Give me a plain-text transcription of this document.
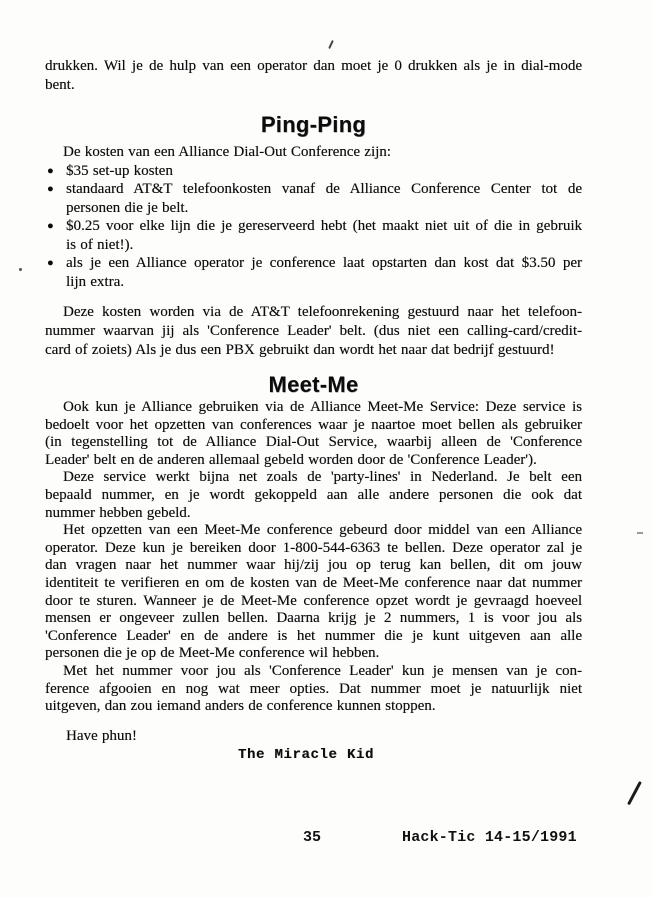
drukken. Wil je de hulp van een operator dan moet je 0 drukken als je in dial-mode
bent.
Ping-Ping
De kosten van een Alliance Dial-Out Conference zijn:
● $35 set-up kosten
● standaard AT&T telefoonkosten vanaf de Alliance Conference Center tot de
personen die je belt.
● $0.25 voor elke lijn die je gereserveerd hebt (het maakt niet uit of die in gebruik
is of niet!).
● als je een Alliance operator je conference laat opstarten dan kost dat $3.50 per
lijn extra.
Deze kosten worden via de AT&T telefoonrekening gestuurd naar het telefoon-
nummer waarvan jij als 'Conference Leader' belt. (dus niet een calling-card/credit-
card of zoiets) Als je dus een PBX gebruikt dan wordt het naar dat bedrijf gestuurd!
Meet-Me
Ook kun je Alliance gebruiken via de Alliance Meet-Me Service: Deze service is
bedoelt voor het opzetten van conferences waar je naartoe moet bellen als gebruiker
(in tegenstelling tot de Alliance Dial-Out Service, waarbij alleen de 'Conference
Leader' belt en de anderen allemaal gebeld worden door de 'Conference Leader').
Deze service werkt bijna net zoals de 'party-lines' in Nederland. Je belt een
bepaald nummer, en je wordt gekoppeld aan alle andere personen die ook dat
nummer hebben gebeld.
Het opzetten van een Meet-Me conference gebeurd door middel van een Alliance
operator. Deze kun je bereiken door 1-800-544-6363 te bellen. Deze operator zal je
dan vragen naar het nummer waar hij/zij jou op terug kan bellen, dit om jouw
identiteit te verifieren en om de kosten van de Meet-Me conference naar dat nummer
door te sturen. Wanneer je de Meet-Me conference opzet wordt je gevraagd hoeveel
mensen er ongeveer zullen bellen. Daarna krijg je 2 nummers, 1 is voor jou als
'Conference Leader' en de andere is het nummer die je kunt uitgeven aan alle
personen die je op de Meet-Me conference wil hebben.
Met het nummer voor jou als 'Conference Leader' kun je mensen van je con-
ference afgooien en nog wat meer opties. Dat nummer moet je natuurlijk niet
uitgeven, dan zou iemand anders de conference kunnen stoppen.
Have phun!
The Miracle Kid
35	Hack-Tic 14-15/1991
